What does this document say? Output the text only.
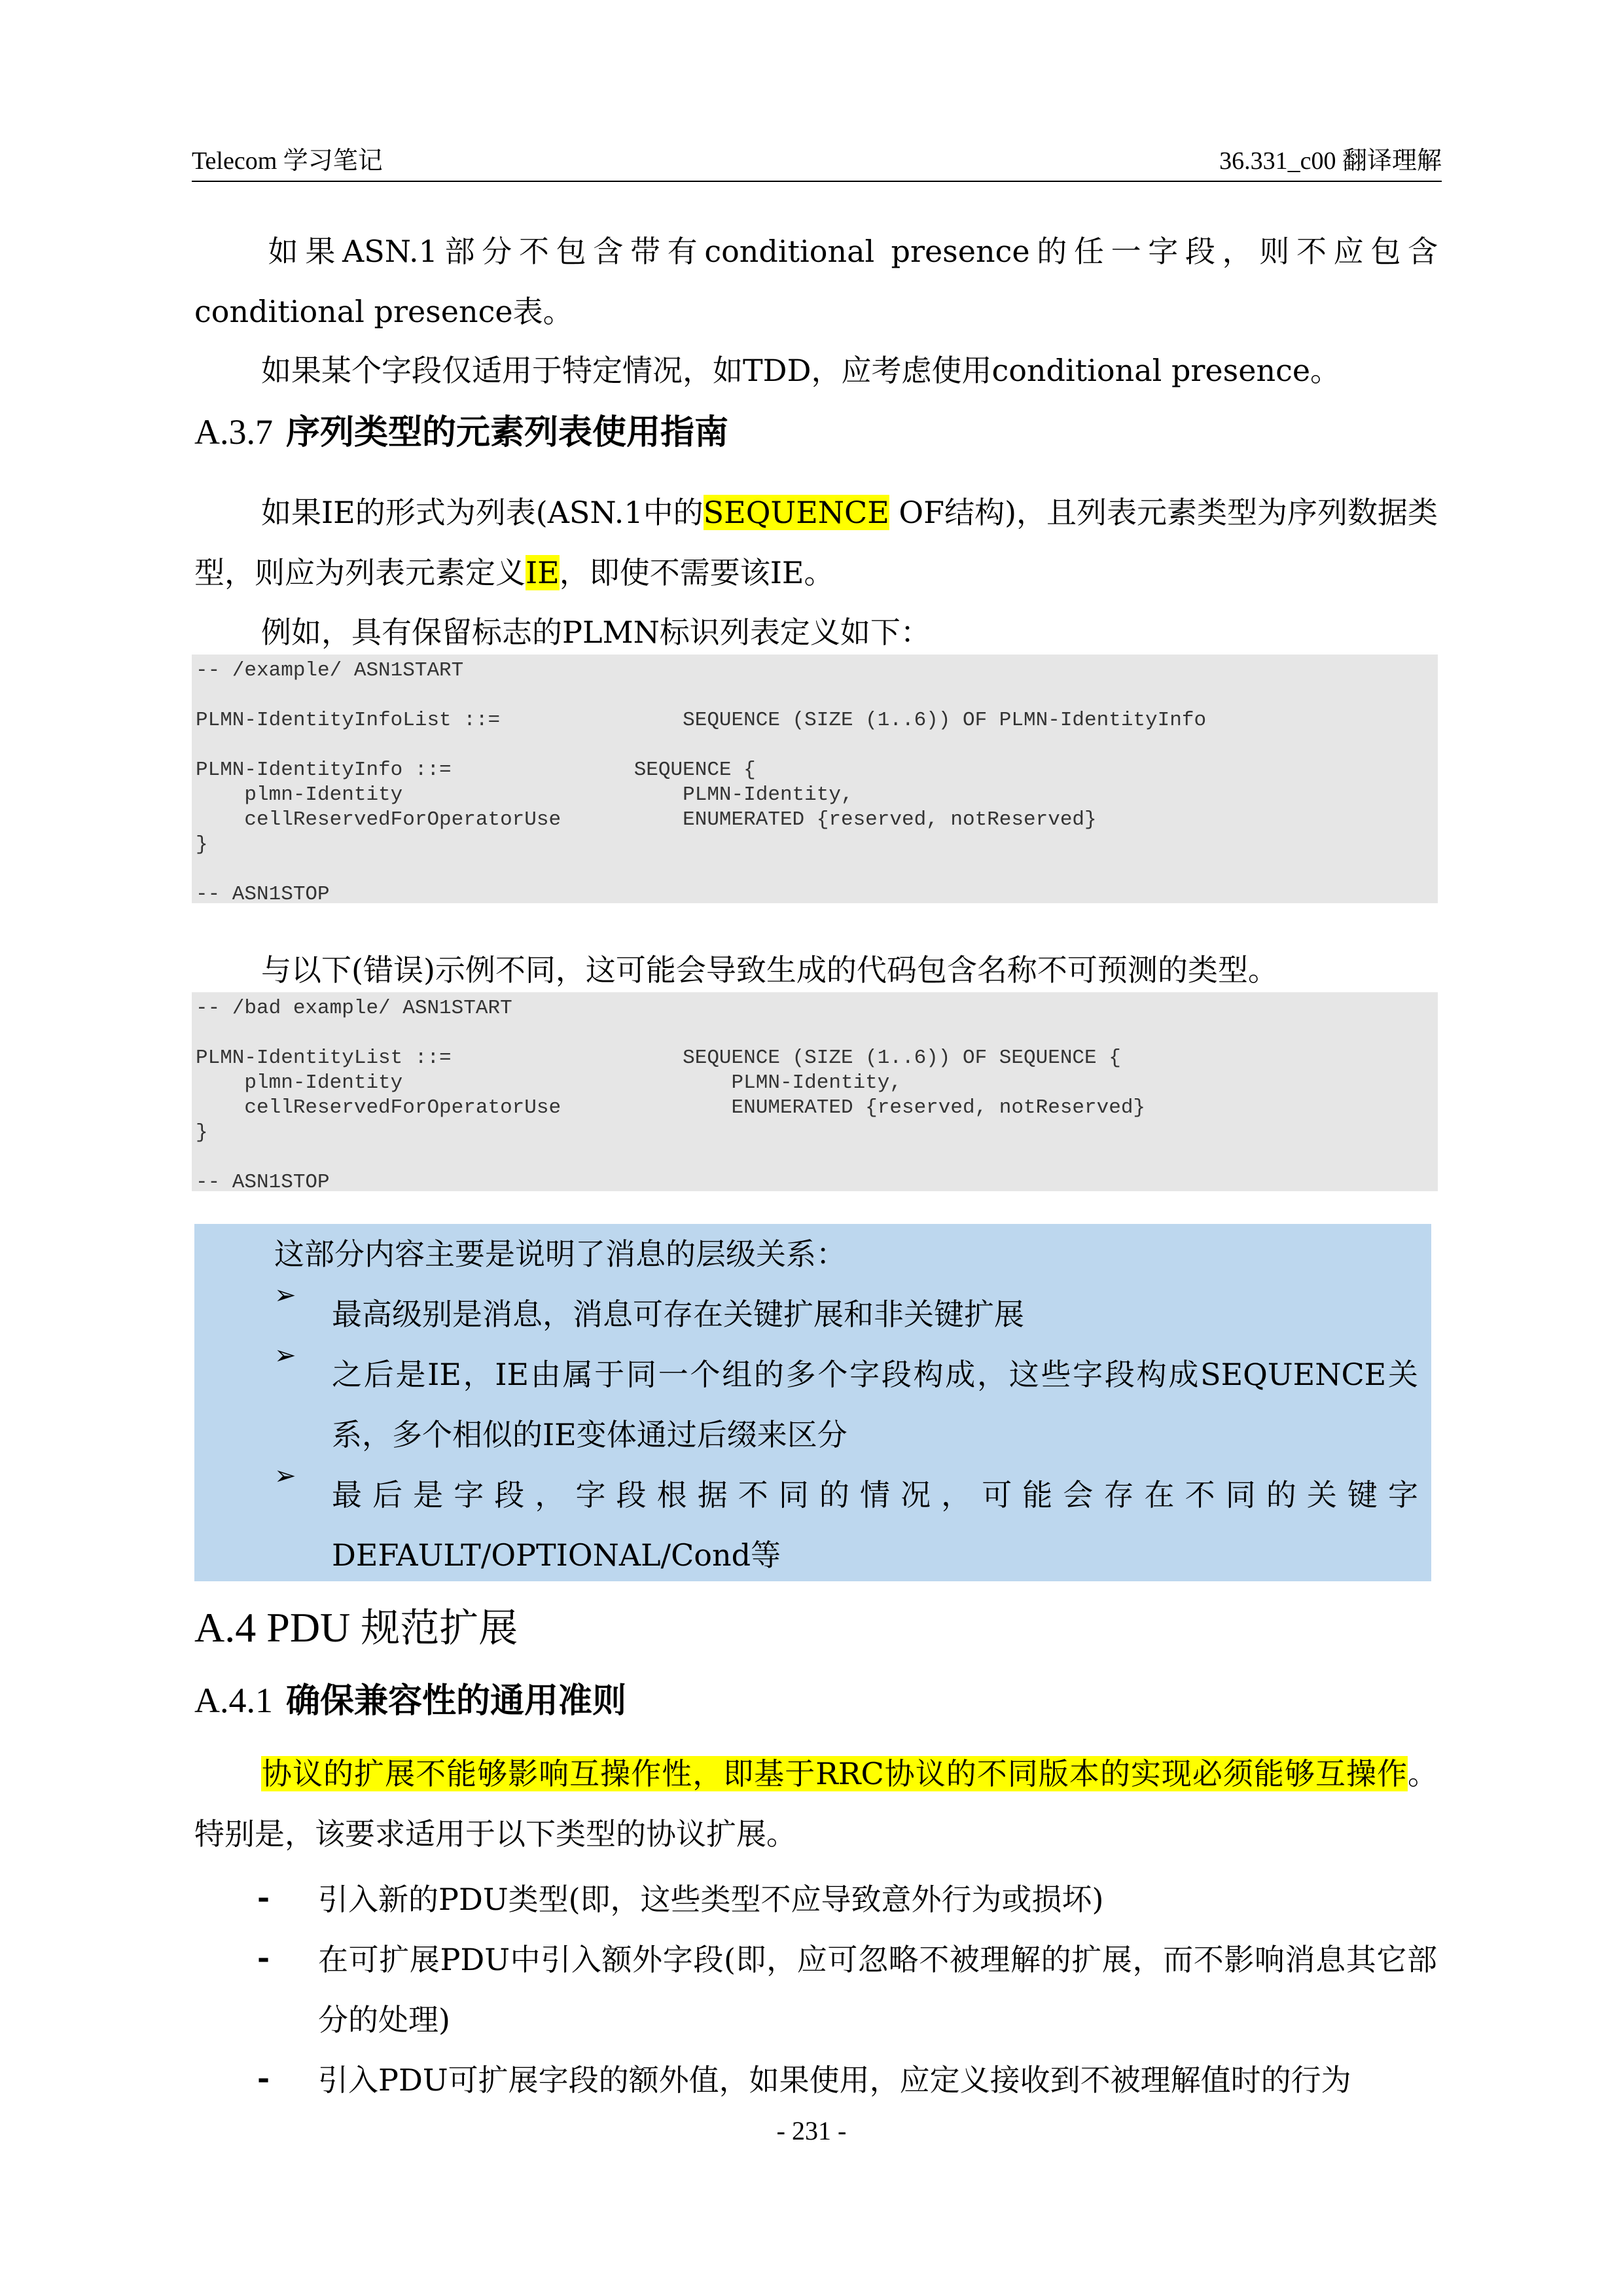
Telecom 学习笔记	36.331_c00 翻译理解
如果ASN.1部分不包含带有conditional presence的任一字段，则不应包含conditional presence表。
如果某个字段仅适用于特定情况，如TDD，应考虑使用conditional presence。
A.3.7 序列类型的元素列表使用指南
如果IE的形式为列表(ASN.1中的SEQUENCE OF结构)，且列表元素类型为序列数据类型，则应为列表元素定义IE，即使不需要该IE。
例如，具有保留标志的PLMN标识列表定义如下：
-- /example/ ASN1START

PLMN-IdentityInfoList ::=               SEQUENCE (SIZE (1..6)) OF PLMN-IdentityInfo

PLMN-IdentityInfo ::=               SEQUENCE {
plmn-Identity                       PLMN-Identity,
cellReservedForOperatorUse          ENUMERATED {reserved, notReserved}
}

-- ASN1STOP
与以下(错误)示例不同，这可能会导致生成的代码包含名称不可预测的类型。
-- /bad example/ ASN1START

PLMN-IdentityList ::=                   SEQUENCE (SIZE (1..6)) OF SEQUENCE {
plmn-Identity                           PLMN-Identity,
cellReservedForOperatorUse              ENUMERATED {reserved, notReserved}
}

-- ASN1STOP
这部分内容主要是说明了消息的层级关系：
➢
最高级别是消息，消息可存在关键扩展和非关键扩展
➢
之后是IE，IE由属于同一个组的多个字段构成，这些字段构成SEQUENCE关系，多个相似的IE变体通过后缀来区分
➢
最后是字段，字段根据不同的情况，可能会存在不同的关键字DEFAULT/OPTIONAL/Cond等
A.4 PDU 规范扩展
A.4.1 确保兼容性的通用准则
协议的扩展不能够影响互操作性，即基于RRC协议的不同版本的实现必须能够互操作。特别是，该要求适用于以下类型的协议扩展。
- 引入新的PDU类型(即，这些类型不应导致意外行为或损坏)
- 在可扩展PDU中引入额外字段(即，应可忽略不被理解的扩展，而不影响消息其它部分的处理)
- 引入PDU可扩展字段的额外值，如果使用，应定义接收到不被理解值时的行为
- 231 -
